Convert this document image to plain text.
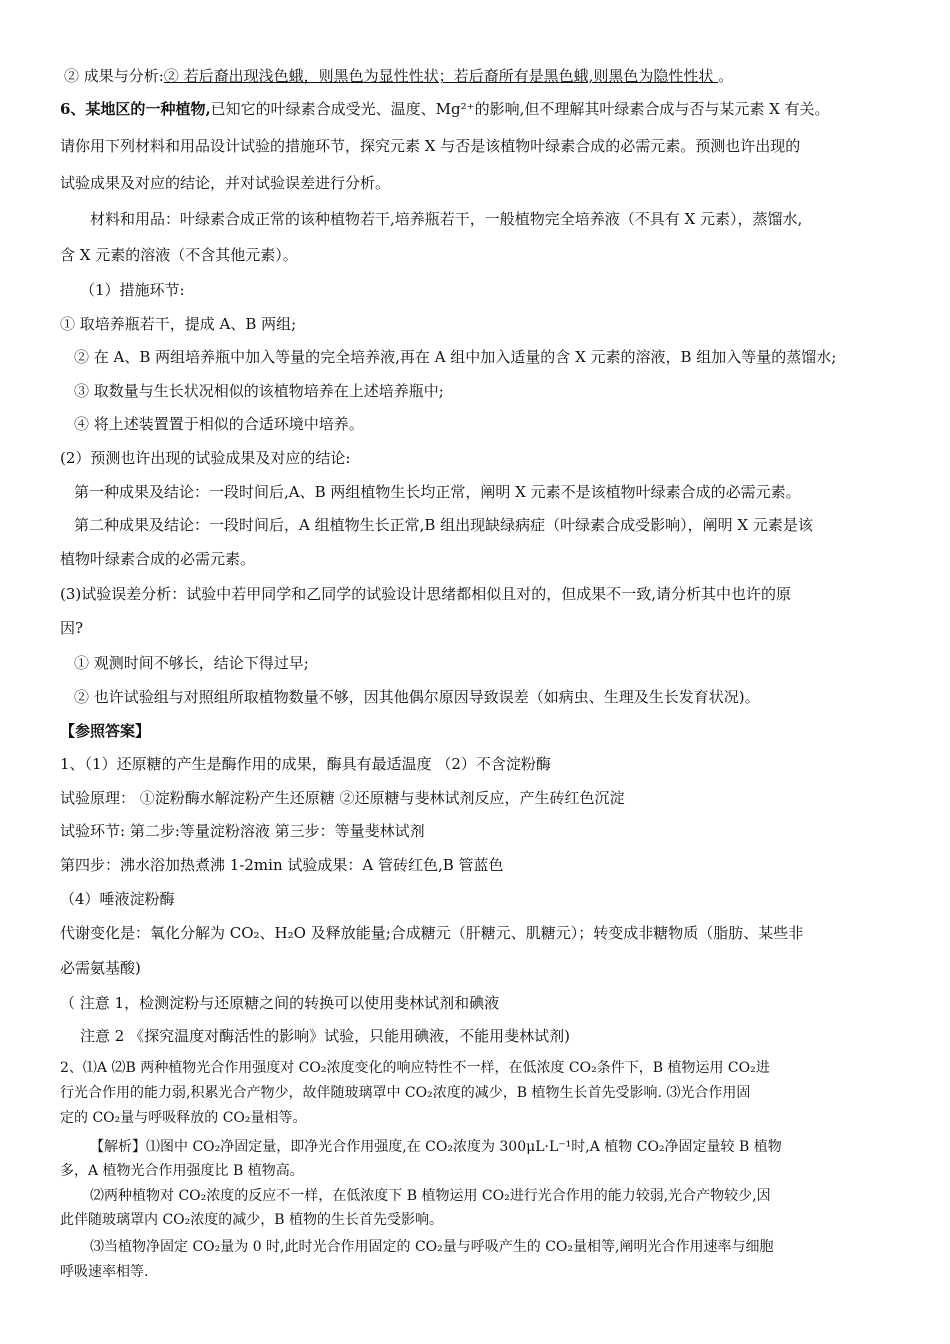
② 成果与分析:② 若后裔出现浅色蛾，则黑色为显性性状；若后裔所有是黑色蛾,则黑色为隐性性状 。
6、某地区的一种植物,已知它的叶绿素合成受光、温度、Mg²⁺的影响,但不理解其叶绿素合成与否与某元素 X 有关。
请你用下列材料和用品设计试验的措施环节，探究元素 X 与否是该植物叶绿素合成的必需元素。预测也许出现的
试验成果及对应的结论，并对试验误差进行分析。
材料和用品：叶绿素合成正常的该种植物若干,培养瓶若干，一般植物完全培养液（不具有 X 元素），蒸馏水,
含 X 元素的溶液（不含其他元素）。
（1）措施环节:
① 取培养瓶若干，提成 A、B 两组;
② 在 A、B 两组培养瓶中加入等量的完全培养液,再在 A 组中加入适量的含 X 元素的溶液，B 组加入等量的蒸馏水;
③ 取数量与生长状况相似的该植物培养在上述培养瓶中;
④ 将上述装置置于相似的合适环境中培养。
(2）预测也许出现的试验成果及对应的结论:
第一种成果及结论：一段时间后,A、B 两组植物生长均正常，阐明 X 元素不是该植物叶绿素合成的必需元素。
第二种成果及结论：一段时间后，A 组植物生长正常,B 组出现缺绿病症（叶绿素合成受影响），阐明 X 元素是该
植物叶绿素合成的必需元素。
(3)试验误差分析：试验中若甲同学和乙同学的试验设计思绪都相似且对的，但成果不一致,请分析其中也许的原
因?
① 观测时间不够长，结论下得过早;
② 也许试验组与对照组所取植物数量不够，因其他偶尔原因导致误差（如病虫、生理及生长发育状况)。
【参照答案】
1、（1）还原糖的产生是酶作用的成果，酶具有最适温度 （2）不含淀粉酶
试验原理： ①淀粉酶水解淀粉产生还原糖 ②还原糖与斐林试剂反应，产生砖红色沉淀
试验环节: 第二步:等量淀粉溶液 第三步：等量斐林试剂
第四步：沸水浴加热煮沸 1-2min 试验成果：A 管砖红色,B 管蓝色
（4）唾液淀粉酶
代谢变化是：氧化分解为 CO₂、H₂O 及释放能量;合成糖元（肝糖元、肌糖元）；转变成非糖物质（脂肪、某些非
必需氨基酸)
（ 注意 1，检测淀粉与还原糖之间的转换可以使用斐林试剂和碘液
注意 2 《探究温度对酶活性的影响》试验，只能用碘液，不能用斐林试剂)
2、⑴A ⑵B 两种植物光合作用强度对 CO₂浓度变化的响应特性不一样，在低浓度 CO₂条件下，B 植物运用 CO₂进
行光合作用的能力弱,积累光合产物少，故伴随玻璃罩中 CO₂浓度的减少，B 植物生长首先受影响. ⑶光合作用固
定的 CO₂量与呼吸释放的 CO₂量相等。
【解析】⑴图中 CO₂净固定量，即净光合作用强度,在 CO₂浓度为 300μL·L⁻¹时,A 植物 CO₂净固定量较 B 植物
多，A 植物光合作用强度比 B 植物高。
⑵两种植物对 CO₂浓度的反应不一样，在低浓度下 B 植物运用 CO₂进行光合作用的能力较弱,光合产物较少,因
此伴随玻璃罩内 CO₂浓度的减少，B 植物的生长首先受影响。
⑶当植物净固定 CO₂量为 0 时,此时光合作用固定的 CO₂量与呼吸产生的 CO₂量相等,阐明光合作用速率与细胞
呼吸速率相等.
